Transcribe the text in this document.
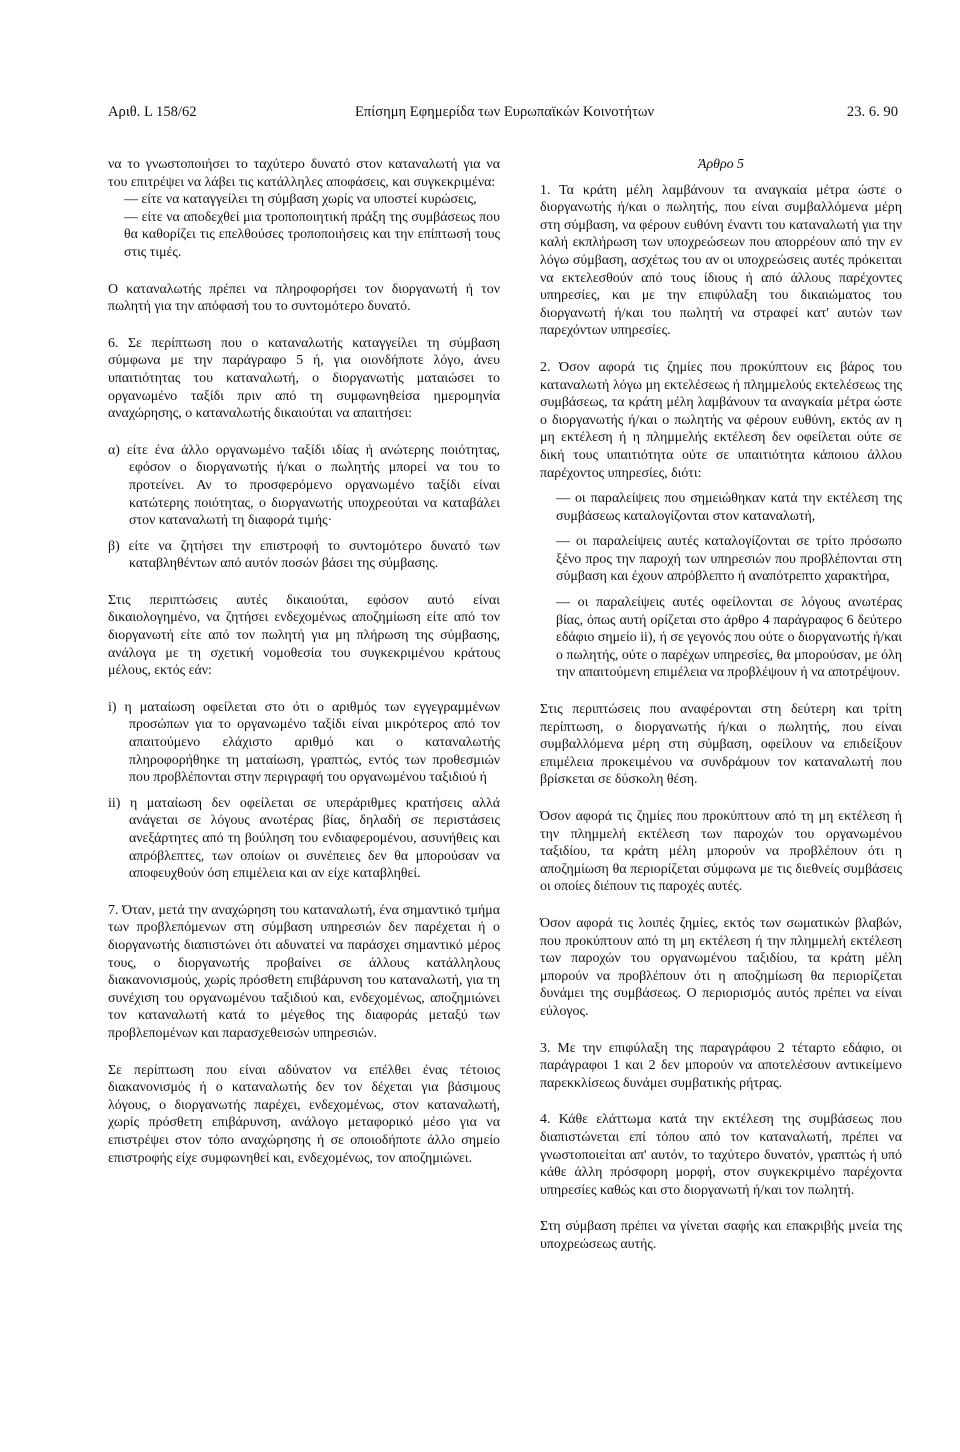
Αριθ. L 158/62	Επίσημη Εφημερίδα των Ευρωπαϊκών Κοινοτήτων	23. 6. 90

να το γνωστοποιήσει το ταχύτερο δυνατό στον καταναλωτή για να του επιτρέψει να λάβει τις κατάλληλες αποφάσεις, και συγκεκριμένα:

— είτε να καταγγείλει τη σύμβαση χωρίς να υποστεί κυρώσεις,

— είτε να αποδεχθεί μια τροποποιητική πράξη της συμβάσεως που θα καθορίζει τις επελθούσες τροποποιήσεις και την επίπτωσή τους στις τιμές.

Ο καταναλωτής πρέπει να πληροφορήσει τον διοργανωτή ή τον πωλητή για την απόφασή του το συντομότερο δυνατό.

6. Σε περίπτωση που ο καταναλωτής καταγγείλει τη σύμβαση σύμφωνα με την παράγραφο 5 ή, για οιονδήποτε λόγο, άνευ υπαιτιότητας του καταναλωτή, ο διοργανωτής ματαιώσει το οργανωμένο ταξίδι πριν από τη συμφωνηθείσα ημερομηνία αναχώρησης, ο καταναλωτής δικαιούται να απαιτήσει:

α) είτε ένα άλλο οργανωμένο ταξίδι ιδίας ή ανώτερης ποιότητας, εφόσον ο διοργανωτής ή/και ο πωλητής μπορεί να του το προτείνει. Αν το προσφερόμενο οργανωμένο ταξίδι είναι κατώτερης ποιότητας, ο διοργανωτής υποχρεούται να καταβάλει στον καταναλωτή τη διαφορά τιμής·

β) είτε να ζητήσει την επιστροφή το συντομότερο δυνατό των καταβληθέντων από αυτόν ποσών βάσει της σύμβασης.

Στις περιπτώσεις αυτές δικαιούται, εφόσον αυτό είναι δικαιολογημένο, να ζητήσει ενδεχομένως αποζημίωση είτε από τον διοργανωτή είτε από τον πωλητή για μη πλήρωση της σύμβασης, ανάλογα με τη σχετική νομοθεσία του συγκεκριμένου κράτους μέλους, εκτός εάν:

i) η ματαίωση οφείλεται στο ότι ο αριθμός των εγγεγραμμένων προσώπων για το οργανωμένο ταξίδι είναι μικρότερος από τον απαιτούμενο ελάχιστο αριθμό και ο καταναλωτής πληροφορήθηκε τη ματαίωση, γραπτώς, εντός των προθεσμιών που προβλέπονται στην περιγραφή του οργανωμένου ταξιδιού ή

ii) η ματαίωση δεν οφείλεται σε υπεράριθμες κρατήσεις αλλά ανάγεται σε λόγους ανωτέρας βίας, δηλαδή σε περιστάσεις ανεξάρτητες από τη βούληση του ενδιαφερομένου, ασυνήθεις και απρόβλεπτες, των οποίων οι συνέπειες δεν θα μπορούσαν να αποφευχθούν όση επιμέλεια και αν είχε καταβληθεί.

7. Όταν, μετά την αναχώρηση του καταναλωτή, ένα σημαντικό τμήμα των προβλεπόμενων στη σύμβαση υπηρεσιών δεν παρέχεται ή ο διοργανωτής διαπιστώνει ότι αδυνατεί να παράσχει σημαντικό μέρος τους, ο διοργανωτής προβαίνει σε άλλους κατάλληλους διακανονισμούς, χωρίς πρόσθετη επιβάρυνση του καταναλωτή, για τη συνέχιση του οργανωμένου ταξιδιού και, ενδεχομένως, αποζημιώνει τον καταναλωτή κατά το μέγεθος της διαφοράς μεταξύ των προβλεπομένων και παρασχεθεισών υπηρεσιών.

Σε περίπτωση που είναι αδύνατον να επέλθει ένας τέτοιος διακανονισμός ή ο καταναλωτής δεν τον δέχεται για βάσιμους λόγους, ο διοργανωτής παρέχει, ενδεχομένως, στον καταναλωτή, χωρίς πρόσθετη επιβάρυνση, ανάλογο μεταφορικό μέσο για να επιστρέψει στον τόπο αναχώρησης ή σε οποιοδήποτε άλλο σημείο επιστροφής είχε συμφωνηθεί και, ενδεχομένως, τον αποζημιώνει.

Άρθρο 5

1. Τα κράτη μέλη λαμβάνουν τα αναγκαία μέτρα ώστε ο διοργανωτής ή/και ο πωλητής, που είναι συμβαλλόμενα μέρη στη σύμβαση, να φέρουν ευθύνη έναντι του καταναλωτή για την καλή εκπλήρωση των υποχρεώσεων που απορρέουν από την εν λόγω σύμβαση, ασχέτως του αν οι υποχρεώσεις αυτές πρόκειται να εκτελεσθούν από τους ίδιους ή από άλλους παρέχοντες υπηρεσίες, και με την επιφύλαξη του δικαιώματος του διοργανωτή ή/και του πωλητή να στραφεί κατ' αυτών των παρεχόντων υπηρεσίες.

2. Όσον αφορά τις ζημίες που προκύπτουν εις βάρος του καταναλωτή λόγω μη εκτελέσεως ή πλημμελούς εκτελέσεως της συμβάσεως, τα κράτη μέλη λαμβάνουν τα αναγκαία μέτρα ώστε ο διοργανωτής ή/και ο πωλητής να φέρουν ευθύνη, εκτός αν η μη εκτέλεση ή η πλημμελής εκτέλεση δεν οφείλεται ούτε σε δική τους υπαιτιότητα ούτε σε υπαιτιότητα κάποιου άλλου παρέχοντος υπηρεσίες, διότι:

— οι παραλείψεις που σημειώθηκαν κατά την εκτέλεση της συμβάσεως καταλογίζονται στον καταναλωτή,

— οι παραλείψεις αυτές καταλογίζονται σε τρίτο πρόσωπο ξένο προς την παροχή των υπηρεσιών που προβλέπονται στη σύμβαση και έχουν απρόβλεπτο ή αναπότρεπτο χαρακτήρα,

— οι παραλείψεις αυτές οφείλονται σε λόγους ανωτέρας βίας, όπως αυτή ορίζεται στο άρθρο 4 παράγραφος 6 δεύτερο εδάφιο σημείο ii), ή σε γεγονός που ούτε ο διοργανωτής ή/και ο πωλητής, ούτε ο παρέχων υπηρεσίες, θα μπορούσαν, με όλη την απαιτούμενη επιμέλεια να προβλέψουν ή να αποτρέψουν.

Στις περιπτώσεις που αναφέρονται στη δεύτερη και τρίτη περίπτωση, ο διοργανωτής ή/και ο πωλητής, που είναι συμβαλλόμενα μέρη στη σύμβαση, οφείλουν να επιδείξουν επιμέλεια προκειμένου να συνδράμουν τον καταναλωτή που βρίσκεται σε δύσκολη θέση.

Όσον αφορά τις ζημίες που προκύπτουν από τη μη εκτέλεση ή την πλημμελή εκτέλεση των παροχών του οργανωμένου ταξιδίου, τα κράτη μέλη μπορούν να προβλέπουν ότι η αποζημίωση θα περιορίζεται σύμφωνα με τις διεθνείς συμβάσεις οι οποίες διέπουν τις παροχές αυτές.

Όσον αφορά τις λοιπές ζημίες, εκτός των σωματικών βλαβών, που προκύπτουν από τη μη εκτέλεση ή την πλημμελή εκτέλεση των παροχών του οργανωμένου ταξιδίου, τα κράτη μέλη μπορούν να προβλέπουν ότι η αποζημίωση θα περιορίζεται δυνάμει της συμβάσεως. Ο περιορισμός αυτός πρέπει να είναι εύλογος.

3. Με την επιφύλαξη της παραγράφου 2 τέταρτο εδάφιο, οι παράγραφοι 1 και 2 δεν μπορούν να αποτελέσουν αντικείμενο παρεκκλίσεως δυνάμει συμβατικής ρήτρας.

4. Κάθε ελάττωμα κατά την εκτέλεση της συμβάσεως που διαπιστώνεται επί τόπου από τον καταναλωτή, πρέπει να γνωστοποιείται απ' αυτόν, το ταχύτερο δυνατόν, γραπτώς ή υπό κάθε άλλη πρόσφορη μορφή, στον συγκεκριμένο παρέχοντα υπηρεσίες καθώς και στο διοργανωτή ή/και τον πωλητή.

Στη σύμβαση πρέπει να γίνεται σαφής και επακριβής μνεία της υποχρεώσεως αυτής.
